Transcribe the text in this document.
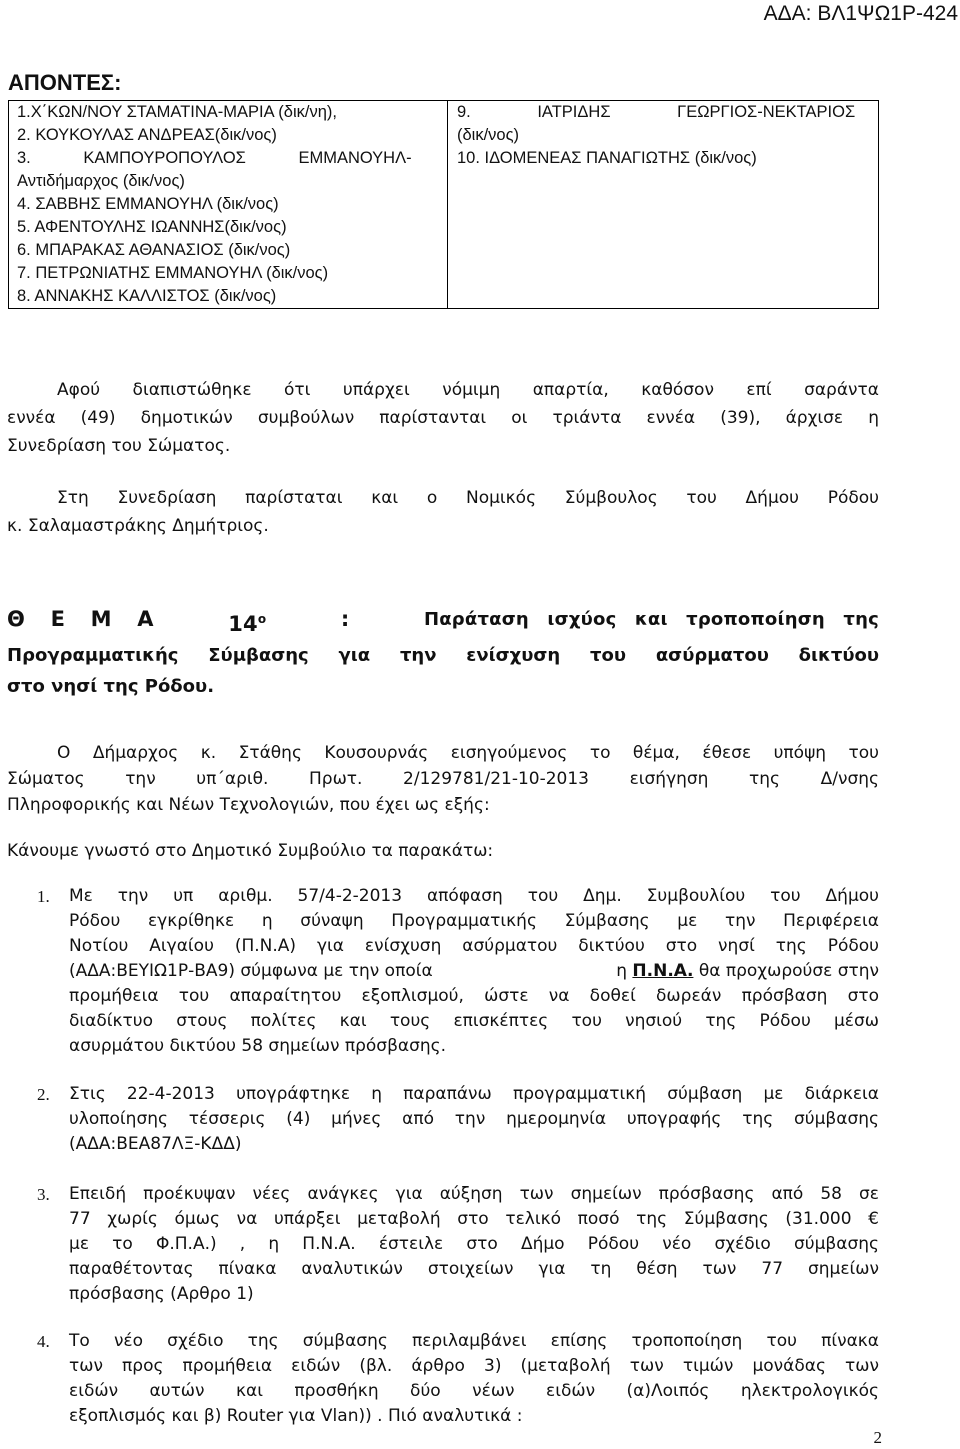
ΑΔΑ: ΒΛ1ΨΩ1Ρ-424
ΑΠΟΝΤΕΣ:
1.Χ΄ΚΩΝ/ΝΟΥ ΣΤΑΜΑΤΙΝΑ-ΜΑΡΙΑ (δικ/νη),
2. ΚΟΥΚΟΥΛΑΣ ΑΝΔΡΕΑΣ(δικ/νος)
3. ΚΑΜΠΟΥΡΟΠΟΥΛΟΣ ΕΜΜΑΝΟΥΗΛ-
Αντιδήμαρχος (δικ/νος)
4. ΣΑΒΒΗΣ ΕΜΜΑΝΟΥΗΛ (δικ/νος)
5. ΑΦΕΝΤΟΥΛΗΣ ΙΩΑΝΝΗΣ(δικ/νος)
6. ΜΠΑΡΑΚΑΣ ΑΘΑΝΑΣΙΟΣ (δικ/νος)
7. ΠΕΤΡΩΝΙΑΤΗΣ ΕΜΜΑΝΟΥΗΛ (δικ/νος)
8. ΑΝΝΑΚΗΣ ΚΑΛΛΙΣΤΟΣ (δικ/νος)

9. ΙΑΤΡΙΔΗΣ ΓΕΩΡΓΙΟΣ-ΝΕΚΤΑΡΙΟΣ
(δικ/νος)
10. ΙΔΟΜΕΝΕΑΣ ΠΑΝΑΓΙΩΤΗΣ (δικ/νος)
Αφού διαπιστώθηκε ότι υπάρχει νόμιμη απαρτία, καθόσον επί σαράντα
εννέα (49) δημοτικών συμβούλων παρίστανται οι τριάντα εννέα (39), άρχισε η
Συνεδρίαση του Σώματος.
Στη Συνεδρίαση παρίσταται και ο Νομικός Σύμβουλος του Δήμου Ρόδου
κ. Σαλαμαστράκης Δημήτριος.
Θ Ε Μ Α	$14^o$	:	Παράταση ισχύος και τροποποίηση της
Προγραμματικής Σύμβασης για την ενίσχυση του ασύρματου δικτύου
στο νησί της Ρόδου.
Ο Δήμαρχος κ. Στάθης Κουσουρνάς εισηγούμενος το θέμα, έθεσε υπόψη του
Σώματος την υπ΄αριθ. Πρωτ. 2/129781/21-10-2013 εισήγηση της Δ/νσης
Πληροφορικής και Νέων Τεχνολογιών, που έχει ως εξής:
Κάνουμε γνωστό στο Δημοτικό Συμβούλιο τα παρακάτω:
1. Με την υπ αριθμ. 57/4-2-2013 απόφαση του Δημ. Συμβουλίου του Δήμου
Ρόδου εγκρίθηκε η σύναψη Προγραμματικής Σύμβασης με την Περιφέρεια
Νοτίου Αιγαίου (Π.Ν.Α) για ενίσχυση ασύρματου δικτύου στο νησί της Ρόδου
(ΑΔΑ:ΒΕΥΙΩ1Ρ-ΒΑ9) σύμφωνα με την οποία	η Π.Ν.Α. θα προχωρούσε στην
προμήθεια του απαραίτητου εξοπλισμού, ώστε να δοθεί δωρεάν πρόσβαση στο
διαδίκτυο στους πολίτες και τους επισκέπτες του νησιού της Ρόδου μέσω
ασυρμάτου δικτύου 58 σημείων πρόσβασης.
2. Στις 22-4-2013 υπογράφτηκε η παραπάνω προγραμματική σύμβαση με διάρκεια
υλοποίησης τέσσερις (4) μήνες από την ημερομηνία υπογραφής της σύμβασης
(ΑΔΑ:ΒΕΑ87ΛΞ-ΚΔΔ)
3. Επειδή προέκυψαν νέες ανάγκες για αύξηση των σημείων πρόσβασης από 58 σε
77 χωρίς όμως να υπάρξει μεταβολή στο τελικό ποσό της Σύμβασης (31.000 €
με το Φ.Π.Α.) , η Π.Ν.Α. έστειλε στο Δήμο Ρόδου νέο σχέδιο σύμβασης
παραθέτοντας πίνακα αναλυτικών στοιχείων για τη θέση των 77 σημείων
πρόσβασης (Αρθρο 1)
4. Το νέο σχέδιο της σύμβασης περιλαμβάνει επίσης τροποποίηση του πίνακα
των προς προμήθεια ειδών (βλ. άρθρο 3) (μεταβολή των τιμών μονάδας των
ειδών αυτών και προσθήκη δύο νέων ειδών (α)Λοιπός ηλεκτρολογικός
εξοπλισμός και β) Router για Vlan)) . Πιό αναλυτικά :
2
